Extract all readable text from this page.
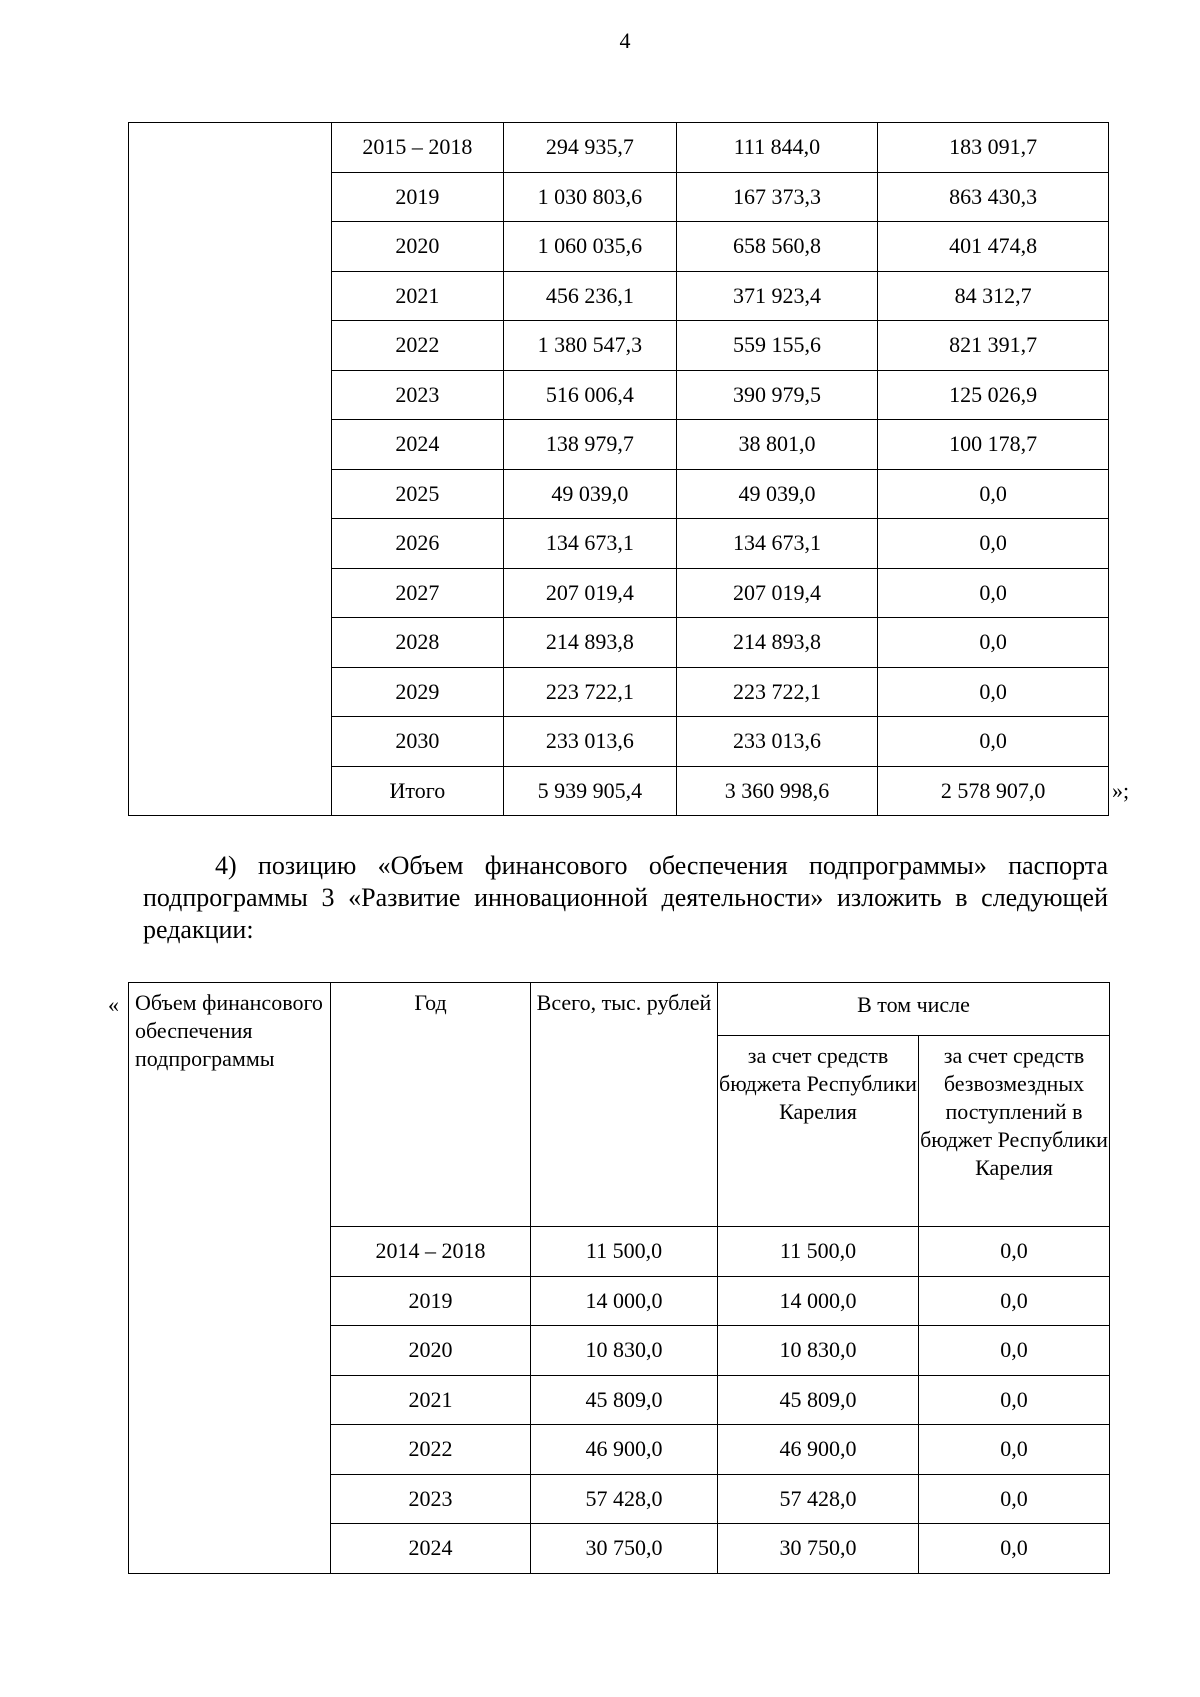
4
	2015 – 2018	294 935,7	111 844,0	183 091,7
	2019	1 030 803,6	167 373,3	863 430,3
	2020	1 060 035,6	658 560,8	401 474,8
	2021	456 236,1	371 923,4	84 312,7
	2022	1 380 547,3	559 155,6	821 391,7
	2023	516 006,4	390 979,5	125 026,9
	2024	138 979,7	38 801,0	100 178,7
	2025	49 039,0	49 039,0	0,0
	2026	134 673,1	134 673,1	0,0
	2027	207 019,4	207 019,4	0,0
	2028	214 893,8	214 893,8	0,0
	2029	223 722,1	223 722,1	0,0
	2030	233 013,6	233 013,6	0,0
	Итого	5 939 905,4	3 360 998,6	2 578 907,0	»;
4) позицию «Объем финансового обеспечения подпрограммы» паспорта подпрограммы 3 «Развитие инновационной деятельности» изложить в следующей редакции:
« Объем финансового обеспечения подпрограммы	Год	Всего, тыс. рублей	В том числе	
			за счет средств бюджета Республики Карелия	за счет средств безвозмездных поступлений в бюджет Республики Карелия
	2014 – 2018	11 500,0	11 500,0	0,0
	2019	14 000,0	14 000,0	0,0
	2020	10 830,0	10 830,0	0,0
	2021	45 809,0	45 809,0	0,0
	2022	46 900,0	46 900,0	0,0
	2023	57 428,0	57 428,0	0,0
	2024	30 750,0	30 750,0	0,0
